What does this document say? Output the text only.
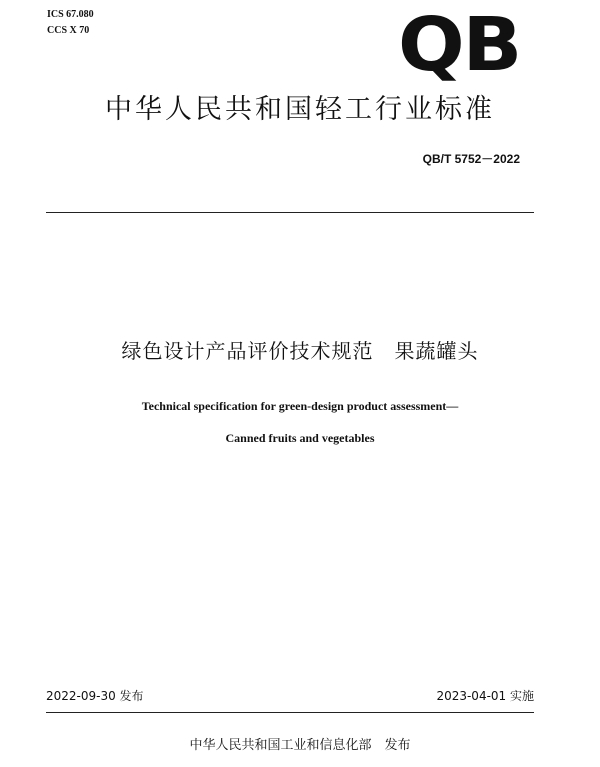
ICS 67.080
CCS X 70	QB
中华人民共和国轻工行业标准
QB/T 5752－2022
绿色设计产品评价技术规范　果蔬罐头
Technical specification for green-design product assessment—
Canned fruits and vegetables
2022-09-30 发布	2023-04-01 实施
中华人民共和国工业和信息化部　发布
